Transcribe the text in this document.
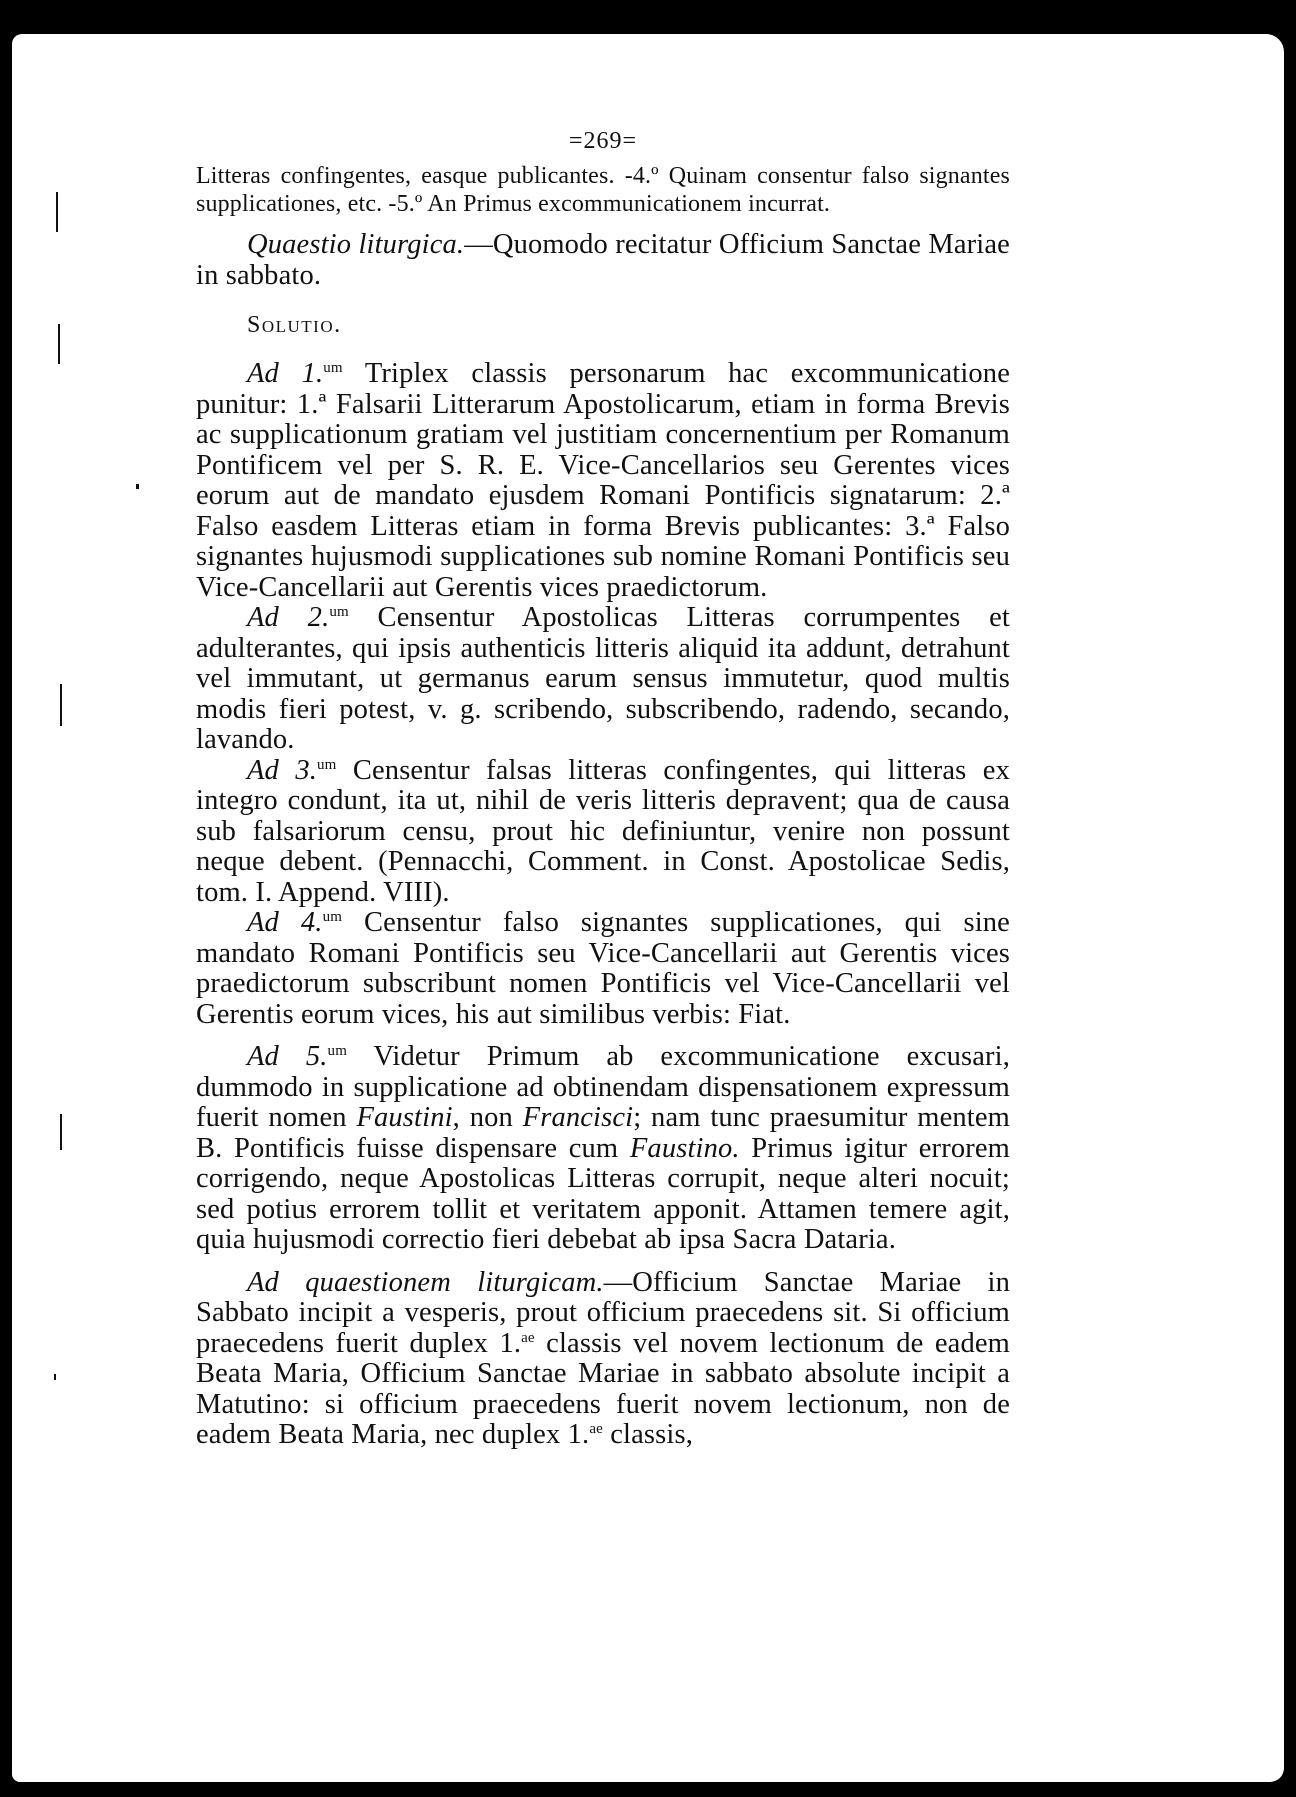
=269=

Litteras confingentes, easque publicantes. -4.º Quinam consentur falso signantes supplicationes, etc. -5.º An Primus excommunicationem incurrat.

Quaestio liturgica.—Quomodo recitatur Officium Sanctae Mariae in sabbato.

Solutio.

Ad 1.$^{um}$ Triplex classis personarum hac excommunicatione punitur: 1.ª Falsarii Litterarum Apostolicarum, etiam in forma Brevis ac supplicationum gratiam vel justitiam concernentium per Romanum Pontificem vel per S. R. E. Vice-Cancellarios seu Gerentes vices eorum aut de mandato ejusdem Romani Pontificis signatarum: 2.ª Falso easdem Litteras etiam in forma Brevis publicantes: 3.ª Falso signantes hujusmodi supplicationes sub nomine Romani Pontificis seu Vice-Cancellarii aut Gerentis vices praedictorum.

Ad 2.$^{um}$ Censentur Apostolicas Litteras corrumpentes et adulterantes, qui ipsis authenticis litteris aliquid ita addunt, detrahunt vel immutant, ut germanus earum sensus immutetur, quod multis modis fieri potest, v. g. scribendo, subscribendo, radendo, secando, lavando.

Ad 3.$^{um}$ Censentur falsas litteras confingentes, qui litteras ex integro condunt, ita ut, nihil de veris litteris depravent; qua de causa sub falsariorum censu, prout hic definiuntur, venire non possunt neque debent. (Pennacchi, Comment. in Const. Apostolicae Sedis, tom. I. Append. VIII).

Ad 4.$^{um}$ Censentur falso signantes supplicationes, qui sine mandato Romani Pontificis seu Vice-Cancellarii aut Gerentis vices praedictorum subscribunt nomen Pontificis vel Vice-Cancellarii vel Gerentis eorum vices, his aut similibus verbis: Fiat.

Ad 5.$^{um}$ Videtur Primum ab excommunicatione excusari, dummodo in supplicatione ad obtinendam dispensationem expressum fuerit nomen Faustini, non Francisci; nam tunc praesumitur mentem B. Pontificis fuisse dispensare cum Faustino. Primus igitur errorem corrigendo, neque Apostolicas Litteras corrupit, neque alteri nocuit; sed potius errorem tollit et veritatem apponit. Attamen temere agit, quia hujusmodi correctio fieri debebat ab ipsa Sacra Dataria.

Ad quaestionem liturgicam.—Officium Sanctae Mariae in Sabbato incipit a vesperis, prout officium praecedens sit. Si officium praecedens fuerit duplex 1.$^{ae}$ classis vel novem lectionum de eadem Beata Maria, Officium Sanctae Mariae in sabbato absolute incipit a Matutino: si officium praecedens fuerit novem lectionum, non de eadem Beata Maria, nec duplex 1.$^{ae}$ classis,
